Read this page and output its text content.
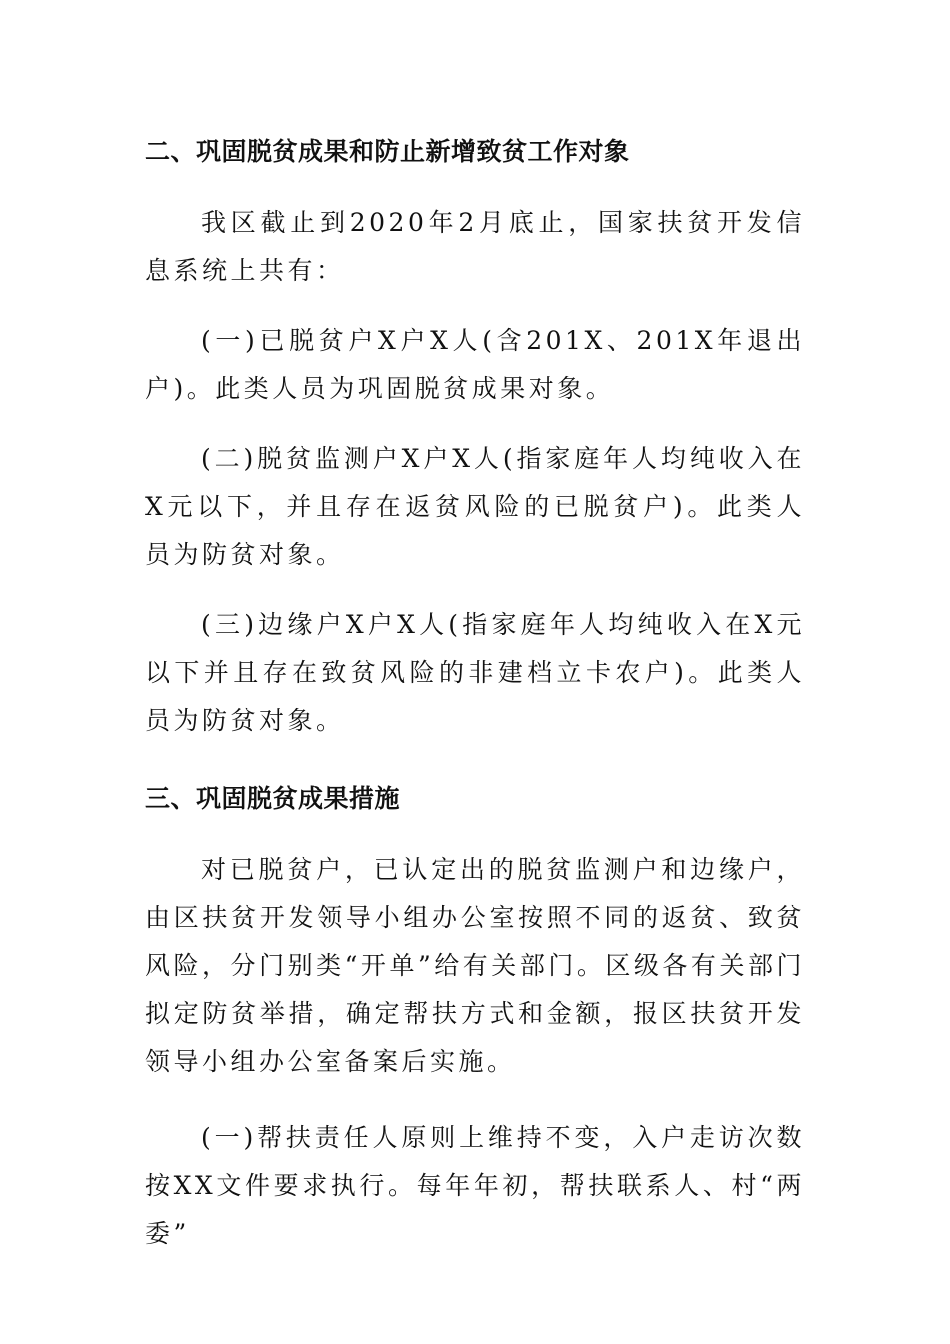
二、巩固脱贫成果和防止新增致贫工作对象

我区截止到2020年2月底止，国家扶贫开发信息系统上共有：

(一)已脱贫户X户X人(含201X、201X年退出户)。此类人员为巩固脱贫成果对象。

(二)脱贫监测户X户X人(指家庭年人均纯收入在X元以下，并且存在返贫风险的已脱贫户)。此类人员为防贫对象。

(三)边缘户X户X人(指家庭年人均纯收入在X元以下并且存在致贫风险的非建档立卡农户)。此类人员为防贫对象。

三、巩固脱贫成果措施

对已脱贫户，已认定出的脱贫监测户和边缘户，由区扶贫开发领导小组办公室按照不同的返贫、致贫风险，分门别类“开单”给有关部门。区级各有关部门拟定防贫举措，确定帮扶方式和金额，报区扶贫开发领导小组办公室备案后实施。

(一)帮扶责任人原则上维持不变，入户走访次数按XX文件要求执行。每年年初，帮扶联系人、村“两委”
